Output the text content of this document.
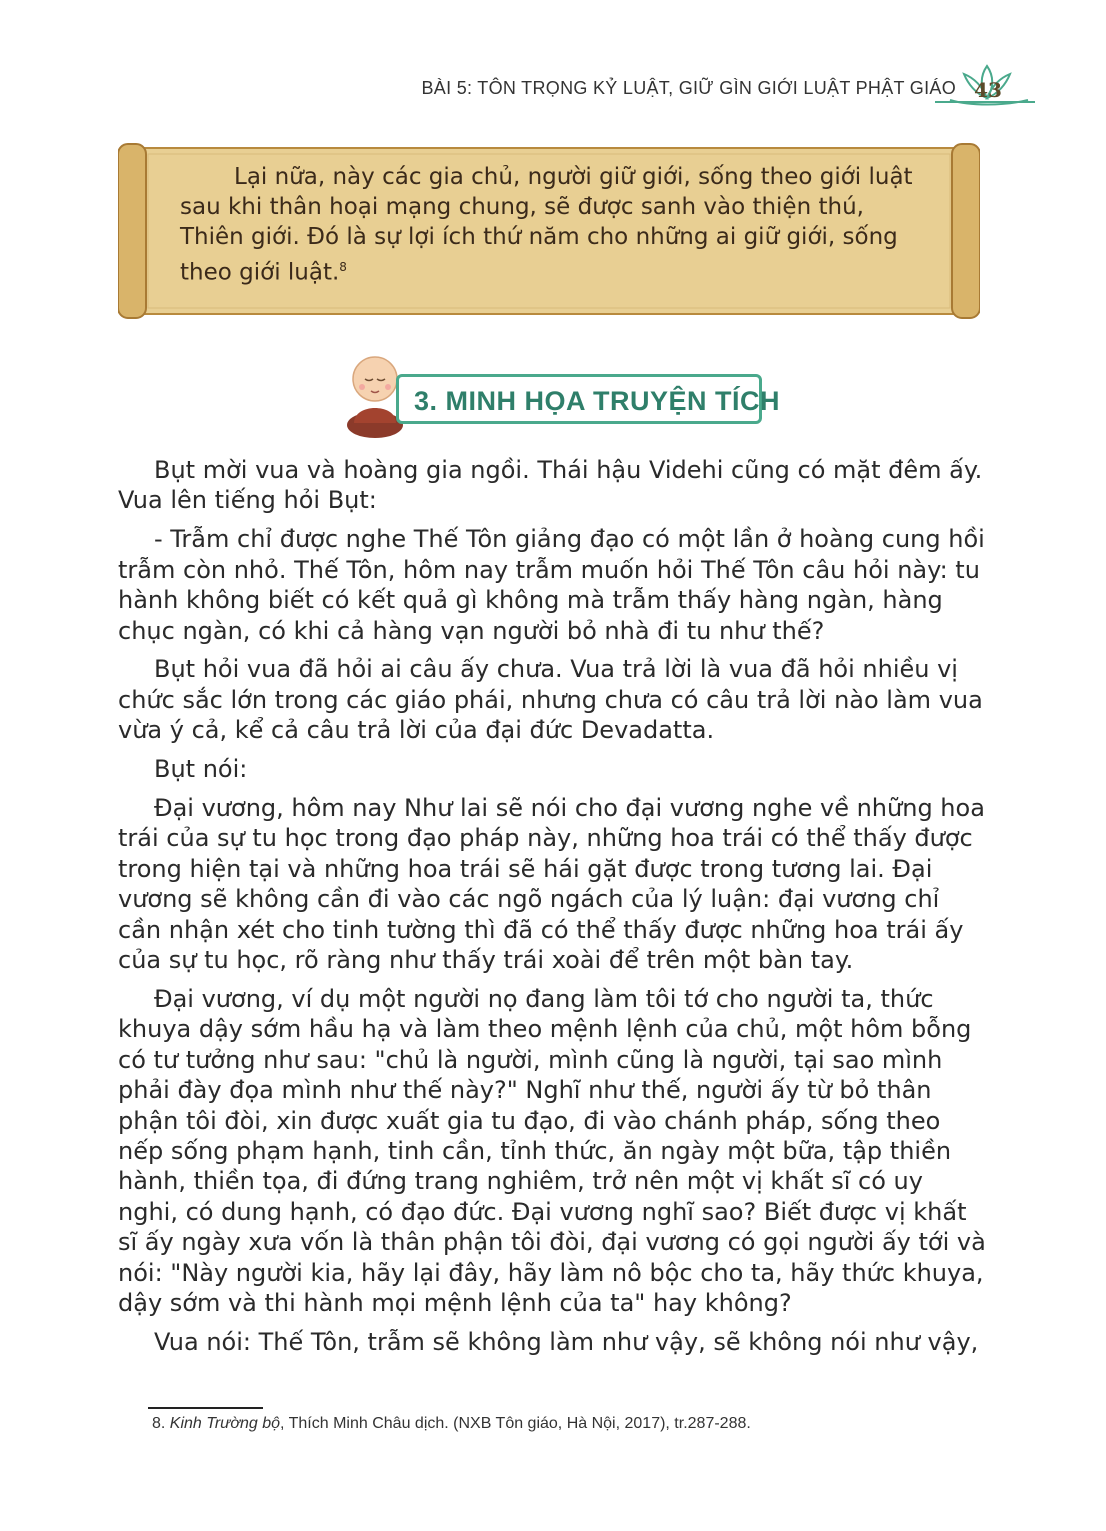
BÀI 5: TÔN TRỌNG KỶ LUẬT, GIỮ GÌN GIỚI LUẬT PHẬT GIÁO 43
Lại nữa, này các gia chủ, người giữ giới, sống theo giới luật sau khi thân hoại mạng chung, sẽ được sanh vào thiện thú, Thiên giới. Đó là sự lợi ích thứ năm cho những ai giữ giới, sống theo giới luật.$^8$
3. MINH HỌA TRUYỆN TÍCH

Bụt mời vua và hoàng gia ngồi. Thái hậu Videhi cũng có mặt đêm ấy. Vua lên tiếng hỏi Bụt:

- Trẫm chỉ được nghe Thế Tôn giảng đạo có một lần ở hoàng cung hồi trẫm còn nhỏ. Thế Tôn, hôm nay trẫm muốn hỏi Thế Tôn câu hỏi này: tu hành không biết có kết quả gì không mà trẫm thấy hàng ngàn, hàng chục ngàn, có khi cả hàng vạn người bỏ nhà đi tu như thế?

Bụt hỏi vua đã hỏi ai câu ấy chưa. Vua trả lời là vua đã hỏi nhiều vị chức sắc lớn trong các giáo phái, nhưng chưa có câu trả lời nào làm vua vừa ý cả, kể cả câu trả lời của đại đức Devadatta.

Bụt nói:

Đại vương, hôm nay Như lai sẽ nói cho đại vương nghe về những hoa trái của sự tu học trong đạo pháp này, những hoa trái có thể thấy được trong hiện tại và những hoa trái sẽ hái gặt được trong tương lai. Đại vương sẽ không cần đi vào các ngõ ngách của lý luận: đại vương chỉ cần nhận xét cho tinh tường thì đã có thể thấy được những hoa trái ấy của sự tu học, rõ ràng như thấy trái xoài để trên một bàn tay.

Đại vương, ví dụ một người nọ đang làm tôi tớ cho người ta, thức khuya dậy sớm hầu hạ và làm theo mệnh lệnh của chủ, một hôm bỗng có tư tưởng như sau: "chủ là người, mình cũng là người, tại sao mình phải đày đọa mình như thế này?" Nghĩ như thế, người ấy từ bỏ thân phận tôi đòi, xin được xuất gia tu đạo, đi vào chánh pháp, sống theo nếp sống phạm hạnh, tinh cần, tỉnh thức, ăn ngày một bữa, tập thiền hành, thiền tọa, đi đứng trang nghiêm, trở nên một vị khất sĩ có uy nghi, có dung hạnh, có đạo đức. Đại vương nghĩ sao? Biết được vị khất sĩ ấy ngày xưa vốn là thân phận tôi đòi, đại vương có gọi người ấy tới và nói: "Này người kia, hãy lại đây, hãy làm nô bộc cho ta, hãy thức khuya, dậy sớm và thi hành mọi mệnh lệnh của ta" hay không?

Vua nói: Thế Tôn, trẫm sẽ không làm như vậy, sẽ không nói như vậy,

8. Kinh Trường bộ, Thích Minh Châu dịch. (NXB Tôn giáo, Hà Nội, 2017), tr.287-288.
